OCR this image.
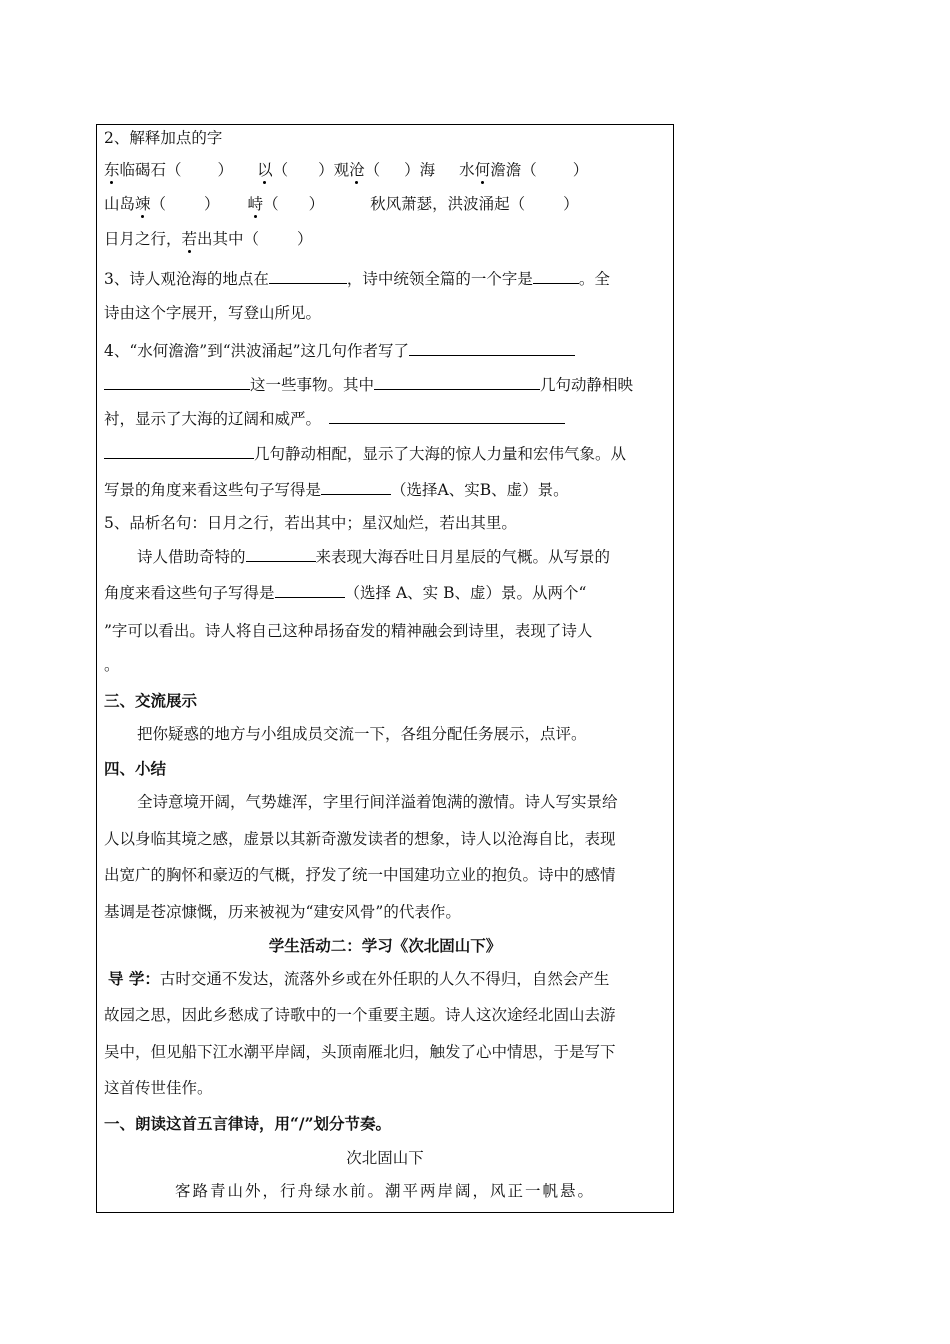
2、解释加点的字
东临碣石（ ） 以（ ）观沧（ ）海 水何澹澹（ ）
山岛竦（ ） 峙（ ）	秋风萧瑟，洪波涌起（ ）
日月之行，若出其中（ ）
3、诗人观沧海的地点在	，诗中统领全篇的一个字是	。全
诗由这个字展开，写登山所见。
4、“水何澹澹”到“洪波涌起”这几句作者写了
这一些事物。其中	几句动静相映
衬，显示了大海的辽阔和威严。
几句静动相配，显示了大海的惊人力量和宏伟气象。从
写景的角度来看这些句子写得是	（选择A、实B、虚）景。
5、品析名句：日月之行，若出其中；星汉灿烂，若出其里。
诗人借助奇特的	来表现大海吞吐日月星辰的气概。从写景的
角度来看这些句子写得是	（选择 A、实 B、虚）景。从两个“
”字可以看出。诗人将自己这种昂扬奋发的精神融会到诗里，表现了诗人
。
三、交流展示
把你疑惑的地方与小组成员交流一下，各组分配任务展示，点评。
四、小结
全诗意境开阔，气势雄浑，字里行间洋溢着饱满的激情。诗人写实景给
人以身临其境之感，虚景以其新奇激发读者的想象，诗人以沧海自比，表现
出宽广的胸怀和豪迈的气概，抒发了统一中国建功立业的抱负。诗中的感情
基调是苍凉慷慨，历来被视为“建安风骨”的代表作。
学生活动二：学习《次北固山下》
导 学：古时交通不发达，流落外乡或在外任职的人久不得归，自然会产生
故园之思，因此乡愁成了诗歌中的一个重要主题。诗人这次途经北固山去游
吴中，但见船下江水潮平岸阔，头顶南雁北归，触发了心中情思，于是写下
这首传世佳作。
一、朗读这首五言律诗，用“/”划分节奏。
次北固山下
客路青山外，行舟绿水前。潮平两岸阔，风正一帆悬。
